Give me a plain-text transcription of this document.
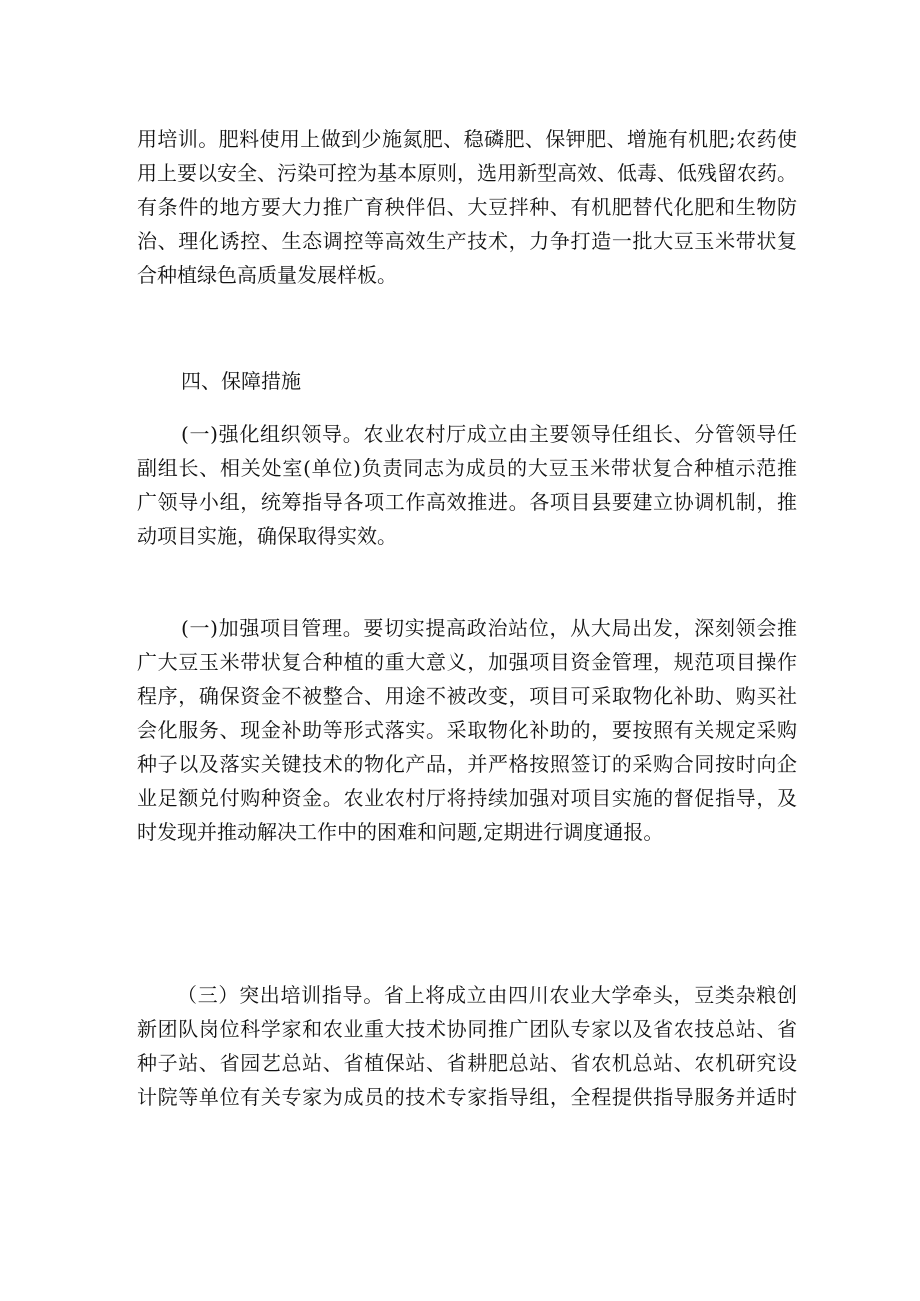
用培训。肥料使用上做到少施氮肥、稳磷肥、保钾肥、增施有机肥;农药使
用上要以安全、污染可控为基本原则，选用新型高效、低毒、低残留农药。
有条件的地方要大力推广育秧伴侣、大豆拌种、有机肥替代化肥和生物防
治、理化诱控、生态调控等高效生产技术，力争打造一批大豆玉米带状复
合种植绿色高质量发展样板。
四、保障措施
(一)强化组织领导。农业农村厅成立由主要领导任组长、分管领导任
副组长、相关处室(单位)负责同志为成员的大豆玉米带状复合种植示范推
广领导小组，统筹指导各项工作高效推进。各项目县要建立协调机制，推
动项目实施，确保取得实效。
(一)加强项目管理。要切实提高政治站位，从大局出发，深刻领会推
广大豆玉米带状复合种植的重大意义，加强项目资金管理，规范项目操作
程序，确保资金不被整合、用途不被改变，项目可采取物化补助、购买社
会化服务、现金补助等形式落实。采取物化补助的，要按照有关规定采购
种子以及落实关键技术的物化产品，并严格按照签订的采购合同按时向企
业足额兑付购种资金。农业农村厅将持续加强对项目实施的督促指导，及
时发现并推动解决工作中的困难和问题,定期进行调度通报。
（三）突出培训指导。省上将成立由四川农业大学牵头，豆类杂粮创
新团队岗位科学家和农业重大技术协同推广团队专家以及省农技总站、省
种子站、省园艺总站、省植保站、省耕肥总站、省农机总站、农机研究设
计院等单位有关专家为成员的技术专家指导组，全程提供指导服务并适时
